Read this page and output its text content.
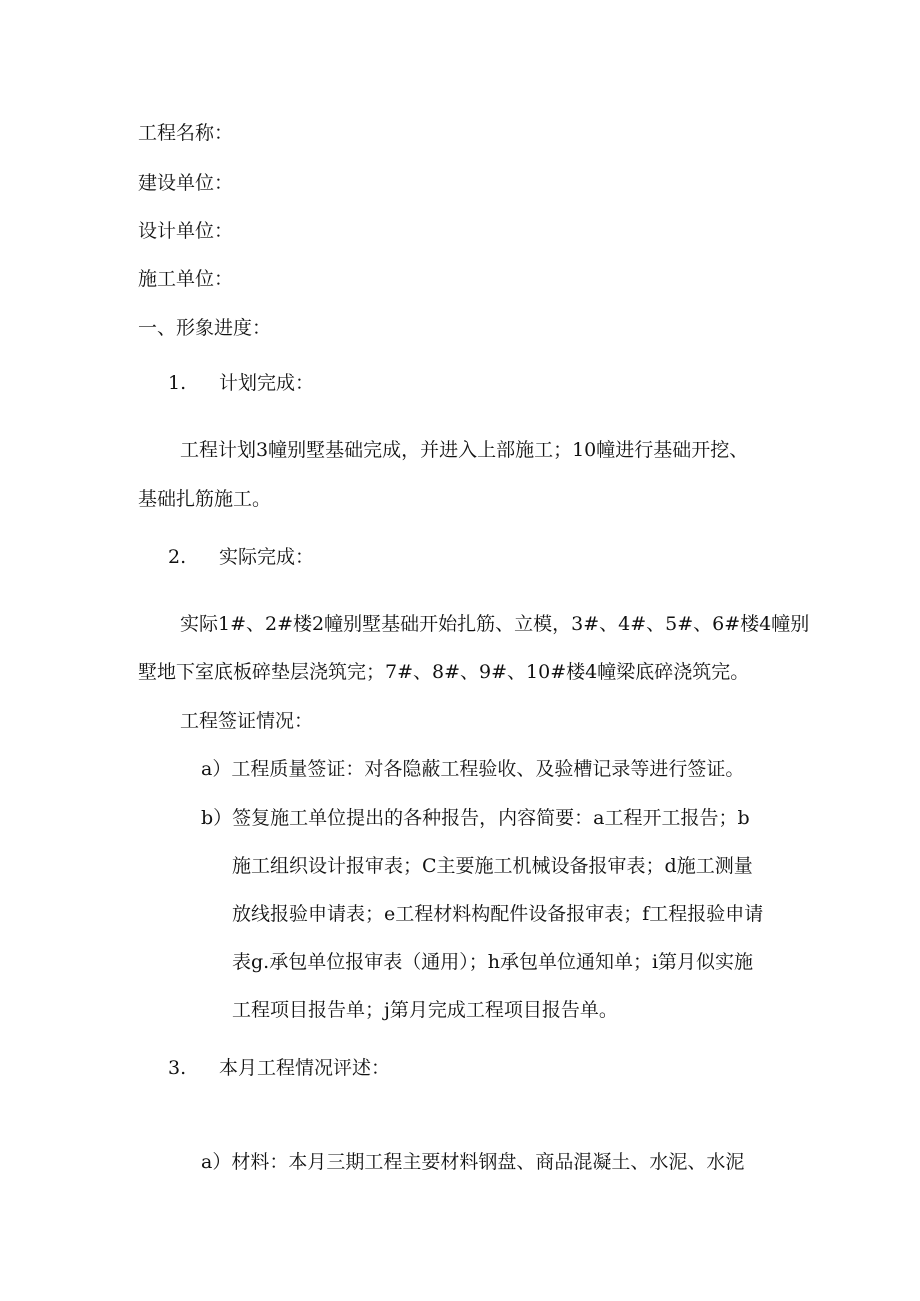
工程名称：
建设单位：
设计单位：
施工单位：
一、形象进度：
1. 计划完成：
工程计划3幢别墅基础完成，并进入上部施工；10幢进行基础开挖、
基础扎筋施工。
2. 实际完成：
实际1#、2#楼2幢别墅基础开始扎筋、立模，3#、4#、5#、6#楼4幢别
墅地下室底板碎垫层浇筑完；7#、8#、9#、10#楼4幢梁底碎浇筑完。
工程签证情况：
a）工程质量签证：对各隐蔽工程验收、及验槽记录等进行签证。
b）签复施工单位提出的各种报告，内容简要：a工程开工报告；b
施工组织设计报审表；C主要施工机械设备报审表；d施工测量
放线报验申请表；e工程材料构配件设备报审表；f工程报验申请
表g.承包单位报审表（通用）；h承包单位通知单；i第月似实施
工程项目报告单；j第月完成工程项目报告单。
3. 本月工程情况评述：
a）材料：本月三期工程主要材料钢盘、商品混凝土、水泥、水泥
